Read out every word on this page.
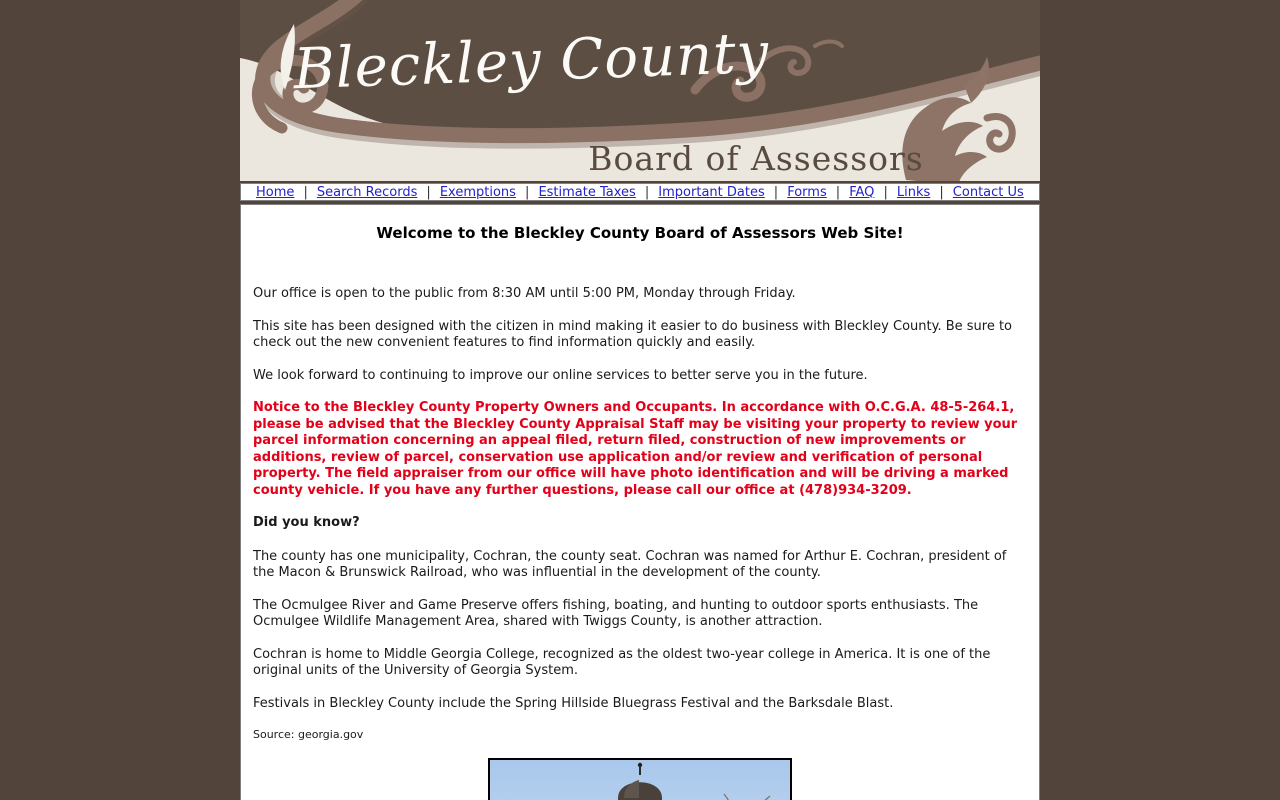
Bleckley County
Board of Assessors
Home | Search Records | Exemptions | Estimate Taxes | Important Dates | Forms | FAQ | Links | Contact Us
Welcome to the Bleckley County Board of Assessors Web Site!

Our office is open to the public from 8:30 AM until 5:00 PM, Monday through Friday.

This site has been designed with the citizen in mind making it easier to do business with Bleckley County. Be sure to check out the new convenient features to find information quickly and easily.

We look forward to continuing to improve our online services to better serve you in the future.

Notice to the Bleckley County Property Owners and Occupants. In accordance with O.C.G.A. 48-5-264.1, please be advised that the Bleckley County Appraisal Staff may be visiting your property to review your parcel information concerning an appeal filed, return filed, construction of new improvements or additions, review of parcel, conservation use application and/or review and verification of personal property. The field appraiser from our office will have photo identification and will be driving a marked county vehicle. If you have any further questions, please call our office at (478)934-3209.

Did you know?

The county has one municipality, Cochran, the county seat. Cochran was named for Arthur E. Cochran, president of the Macon & Brunswick Railroad, who was influential in the development of the county.

The Ocmulgee River and Game Preserve offers fishing, boating, and hunting to outdoor sports enthusiasts. The Ocmulgee Wildlife Management Area, shared with Twiggs County, is another attraction.

Cochran is home to Middle Georgia College, recognized as the oldest two-year college in America. It is one of the original units of the University of Georgia System.

Festivals in Bleckley County include the Spring Hillside Bluegrass Festival and the Barksdale Blast.

Source: georgia.gov
